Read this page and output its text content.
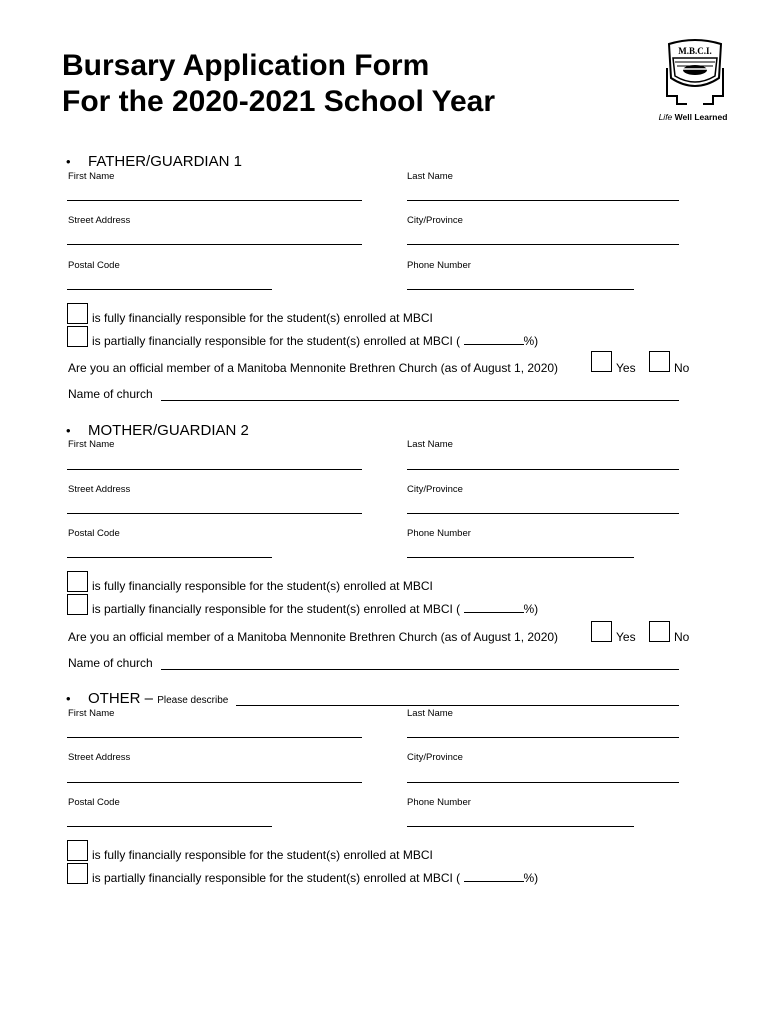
Bursary Application Form
For the 2020-2021 School Year
M.B.C.I.
Life Well Learned
• FATHER/GUARDIAN 1
First Name	Last Name
Street Address	City/Province
Postal Code	Phone Number
is fully financially responsible for the student(s) enrolled at MBCI
is partially financially responsible for the student(s) enrolled at MBCI (	%)
Are you an official member of a Manitoba Mennonite Brethren Church (as of August 1, 2020)	Yes	No
Name of church
• MOTHER/GUARDIAN 2
First Name	Last Name
Street Address	City/Province
Postal Code	Phone Number
is fully financially responsible for the student(s) enrolled at MBCI
is partially financially responsible for the student(s) enrolled at MBCI (	%)
Are you an official member of a Manitoba Mennonite Brethren Church (as of August 1, 2020)	Yes	No
Name of church
• OTHER – Please describe
First Name	Last Name
Street Address	City/Province
Postal Code	Phone Number
is fully financially responsible for the student(s) enrolled at MBCI
is partially financially responsible for the student(s) enrolled at MBCI (	%)
